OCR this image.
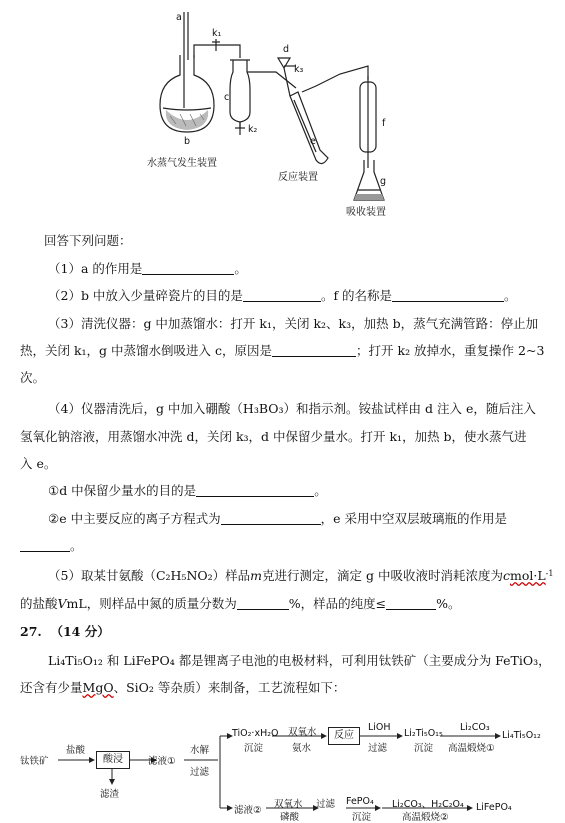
a
b
k₁
c
k₂
d
k₃
e
f
g
水蒸气发生装置
反应装置
吸收装置
回答下列问题：
（1）a 的作用是	。
（2）b 中放入少量碎瓷片的目的是	。f 的名称是	。
（3）清洗仪器：g 中加蒸馏水：打开 k₁，关闭 k₂、k₃，加热 b，蒸气充满管路：停止加
热，关闭 k₁，g 中蒸馏水倒吸进入 c，原因是	；打开 k₂ 放掉水，重复操作 2~3
次。
（4）仪器清洗后，g 中加入硼酸（H₃BO₃）和指示剂。铵盐试样由 d 注入 e，随后注入
氢氧化钠溶液，用蒸馏水冲洗 d，关闭 k₃，d 中保留少量水。打开 k₁，加热 b，使水蒸气进
入 e。
①d 中保留少量水的目的是	。
②e 中主要反应的离子方程式为	，e 采用中空双层玻璃瓶的作用是
。
（5）取某甘氨酸（C₂H₅NO₂）样品m克进行测定，滴定 g 中吸收液时消耗浓度为$cmol\cdot L^{-1}$
的盐酸VmL，则样品中氮的质量分数为	%，样品的纯度≤	%。
27. （14 分）
Li₄Ti₅O₁₂ 和 LiFePO₄ 都是锂离子电池的电极材料，可利用钛铁矿（主要成分为 FeTiO₃，
还含有少量MgO、SiO₂ 等杂质）来制备，工艺流程如下：
钛铁矿
盐酸
酸浸
滤渣
滤液①
水解
过滤
TiO₂·xH₂O
沉淀
双氧水
氨水
反应
LiOH
过滤
Li₂Ti₅O₁₅
沉淀
Li₂CO₃
高温煅烧①
Li₄Ti₅O₁₂
滤液②
双氧水
磷酸
过滤 FePO₄
沉淀
Li₂CO₃、H₂C₂O₄
高温煅烧②
LiFePO₄
